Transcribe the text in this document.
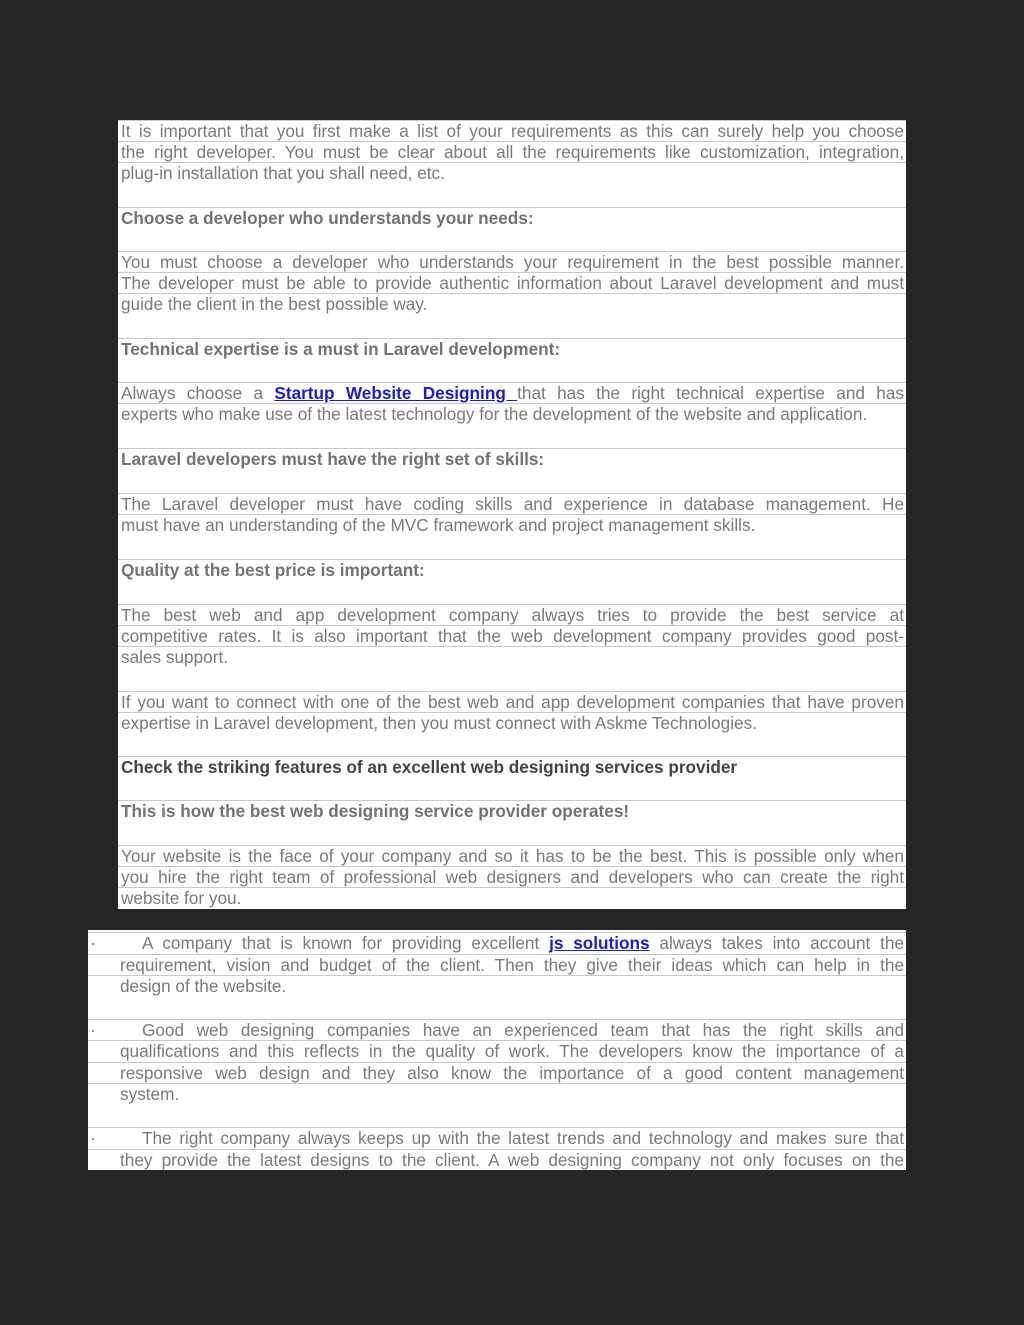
It is important that you first make a list of your requirements as this can surely help you choose
the right developer. You must be clear about all the requirements like customization, integration,
plug-in installation that you shall need, etc.
Choose a developer who understands your needs:
You must choose a developer who understands your requirement in the best possible manner.
The developer must be able to provide authentic information about Laravel development and must
guide the client in the best possible way.
Technical expertise is a must in Laravel development:
Always choose a Startup Website Designing that has the right technical expertise and has
experts who make use of the latest technology for the development of the website and application.
Laravel developers must have the right set of skills:
The Laravel developer must have coding skills and experience in database management. He
must have an understanding of the MVC framework and project management skills.
Quality at the best price is important:
The best web and app development company always tries to provide the best service at
competitive rates. It is also important that the web development company provides good post-
sales support.
If you want to connect with one of the best web and app development companies that have proven
expertise in Laravel development, then you must connect with Askme Technologies.
Check the striking features of an excellent web designing services provider
This is how the best web designing service provider operates!
Your website is the face of your company and so it has to be the best. This is possible only when
you hire the right team of professional web designers and developers who can create the right
website for you.
·	A company that is known for providing excellent js solutions always takes into account the
requirement, vision and budget of the client. Then they give their ideas which can help in the
design of the website.
·	Good web designing companies have an experienced team that has the right skills and
qualifications and this reflects in the quality of work. The developers know the importance of a
responsive web design and they also know the importance of a good content management
system.
·	The right company always keeps up with the latest trends and technology and makes sure that
they provide the latest designs to the client. A web designing company not only focuses on the
